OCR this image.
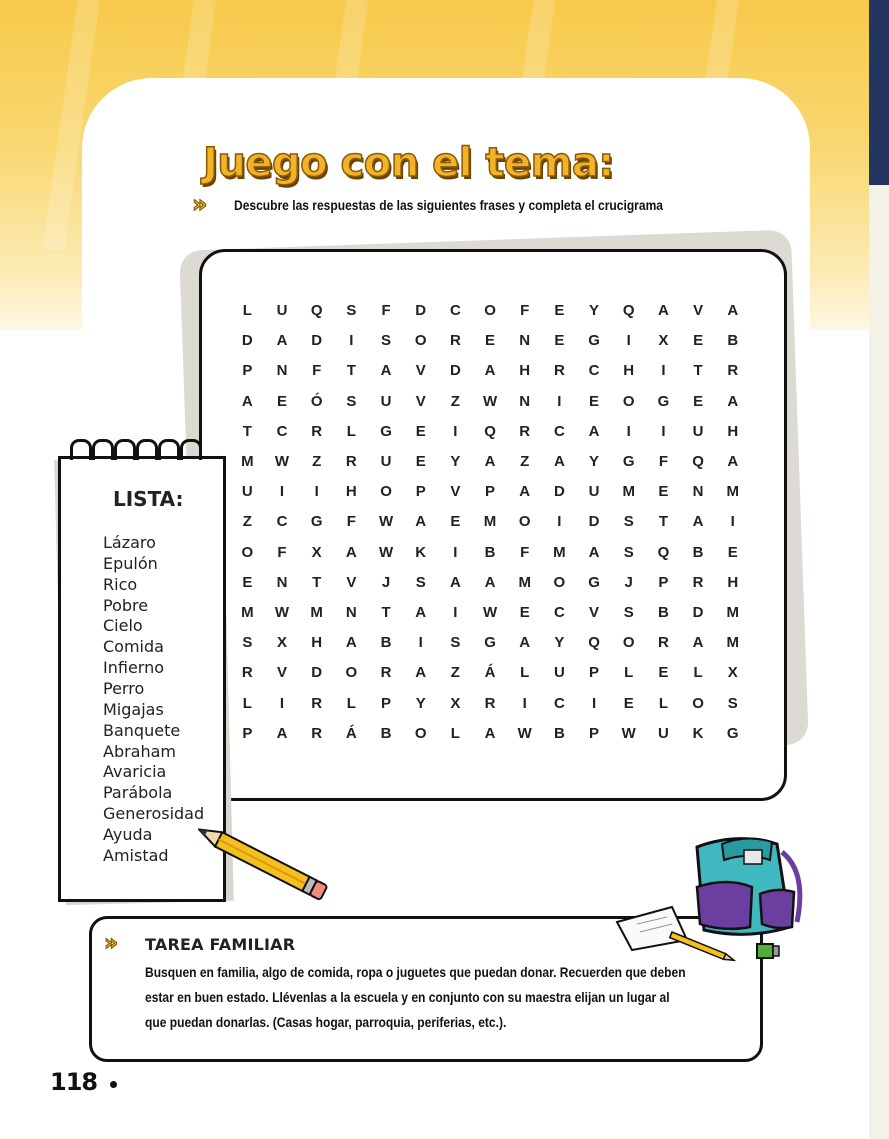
Juego con el tema:
» Descubre las respuestas de las siguientes frases y completa el crucigrama
L	U	Q	S	F	D	C	O	F	E	Y	Q	A	V	A
D	A	D	I	S	O	R	E	N	E	G	I	X	E	B
P	N	F	T	A	V	D	A	H	R	C	H	I	T	R
A	E	Ó	S	U	V	Z	W	N	I	E	O	G	E	A
T	C	R	L	G	E	I	Q	R	C	A	I	I	U	H
M	W	Z	R	U	E	Y	A	Z	A	Y	G	F	Q	A
U	I	I	H	O	P	V	P	A	D	U	M	E	N	M
Z	C	G	F	W	A	E	M	O	I	D	S	T	A	I
O	F	X	A	W	K	I	B	F	M	A	S	Q	B	E
E	N	T	V	J	S	A	A	M	O	G	J	P	R	H
M	W	M	N	T	A	I	W	E	C	V	S	B	D	M
S	X	H	A	B	I	S	G	A	Y	Q	O	R	A	M
R	V	D	O	R	A	Z	Á	L	U	P	L	E	L	X
L	I	R	L	P	Y	X	R	I	C	I	E	L	O	S
P	A	R	Á	B	O	L	A	W	B	P	W	U	K	G
LISTA:
Lázaro
Epulón
Rico
Pobre
Cielo
Comida
Infierno
Perro
Migajas
Banquete
Abraham
Avaricia
Parábola
Generosidad
Ayuda
Amistad
» TAREA FAMILIAR
Busquen en familia, algo de comida, ropa o juguetes que puedan donar. Recuerden que deben
estar en buen estado. Llévenlas a la escuela y en conjunto con su maestra elijan un lugar al
que puedan donarlas. (Casas hogar, parroquia, periferias, etc.).
118
